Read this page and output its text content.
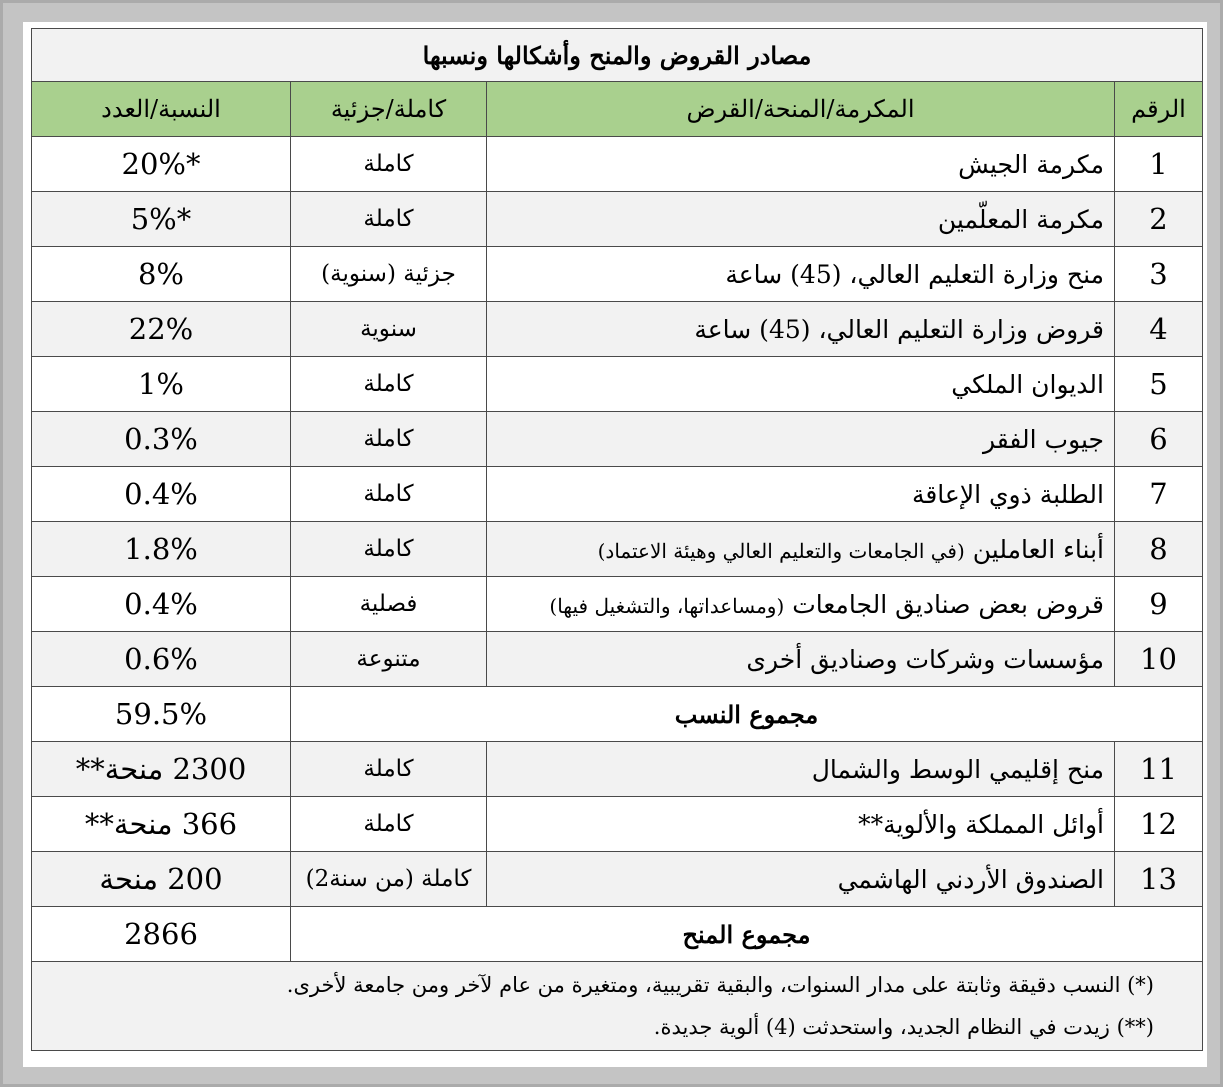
مصادر القروض والمنح وأشكالها ونسبها			
الرقم	المكرمة/المنحة/القرض	كاملة/جزئية	النسبة/العدد
1	مكرمة الجيش	كاملة	20%*
2	مكرمة المعلّمين	كاملة	5%*
3	منح وزارة التعليم العالي، (45) ساعة	جزئية (سنوية)	8%
4	قروض وزارة التعليم العالي، (45) ساعة	سنوية	22%
5	الديوان الملكي	كاملة	1%
6	جيوب الفقر	كاملة	0.3%
7	الطلبة ذوي الإعاقة	كاملة	0.4%
8	أبناء العاملين (في الجامعات والتعليم العالي وهيئة الاعتماد)	كاملة	1.8%
9	قروض بعض صناديق الجامعات (ومساعداتها، والتشغيل فيها)	فصلية	0.4%
10	مؤسسات وشركات وصناديق أخرى	متنوعة	0.6%
مجموع النسب			59.5%
11	منح إقليمي الوسط والشمال	كاملة	2300 منحة**
12	أوائل المملكة والألوية**	كاملة	366 منحة**
13	الصندوق الأردني الهاشمي	كاملة (من سنة2)	200 منحة
مجموع المنح			2866

(*) النسب دقيقة وثابتة على مدار السنوات، والبقية تقريبية، ومتغيرة من عام لآخر ومن جامعة لأخرى.
(**) زيدت في النظام الجديد، واستحدثت (4) ألوية جديدة.			
